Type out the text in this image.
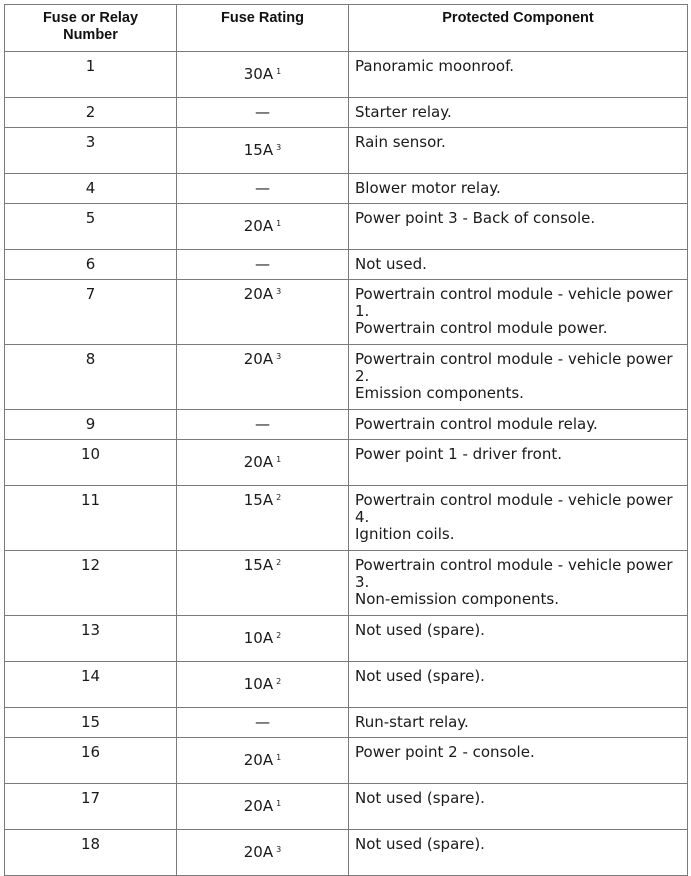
Fuse or Relay
Number	Fuse Rating	Protected Component
1	30A $^1$	Panoramic moonroof.

2	—	Starter relay.

3	15A $^3$	Rain sensor.

4	—	Blower motor relay.

5	20A $^1$	Power point 3 - Back of console.

6	—	Not used.

7	20A $^3$	Powertrain control module - vehicle power
1.
Powertrain control module power.

8	20A $^3$	Powertrain control module - vehicle power
2.
Emission components.

9	—	Powertrain control module relay.

10	20A $^1$	Power point 1 - driver front.

11	15A $^2$	Powertrain control module - vehicle power
4.
Ignition coils.

12	15A $^2$	Powertrain control module - vehicle power
3.
Non-emission components.

13	10A $^2$	Not used (spare).

14	10A $^2$	Not used (spare).

15	—	Run-start relay.

16	20A $^1$	Power point 2 - console.

17	20A $^1$	Not used (spare).

18	20A $^3$	Not used (spare).
